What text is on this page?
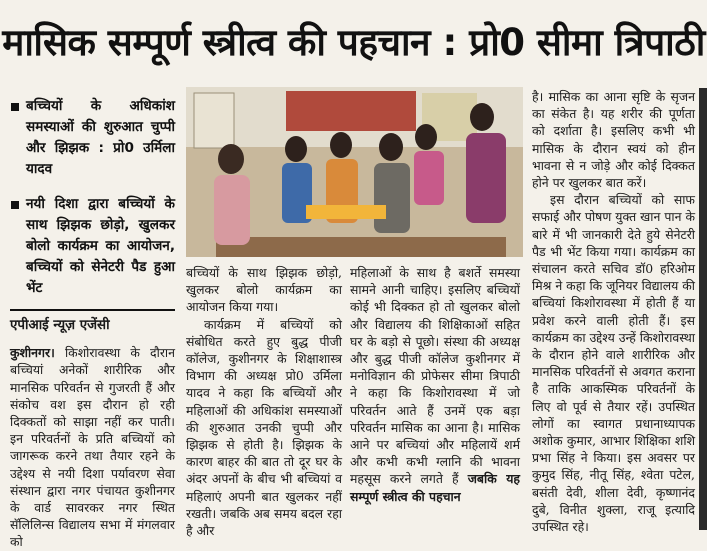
मासिक सम्पूर्ण स्त्रीत्व की पहचान : प्रो0 सीमा त्रिपाठी
बच्चियों के अधिकांश समस्याओं की शुरुआत चुप्पी और झिझक : प्रो0 उर्मिला यादव
नयी दिशा द्वारा बच्चियों के साथ झिझक छोड़ो, खुलकर बोलो कार्यक्रम का आयोजन, बच्चियों को सेनेटरी पैड हुआ भेंट
एपीआई न्यूज़ एजेंसी

कुशीनगर। किशोरावस्था के दौरान बच्चियां अनेकों शारीरिक और मानसिक परिवर्तन से गुजरती हैं और संकोच वश इस दौरान हो रही दिक्कतों को साझा नहीं कर पाती। इन परिवर्तनों के प्रति बच्चियों को जागरूक करने तथा तैयार रहने के उद्देश्य से नयी दिशा पर्यावरण सेवा संस्थान द्वारा नगर पंचायत कुशीनगर के वार्ड सावरकर नगर स्थित सॅलिलिन्स विद्यालय सभा में मंगलवार को

बच्चियों के साथ झिझक छोड़ो, खुलकर बोलो कार्यक्रम का आयोजन किया गया।

कार्यक्रम में बच्चियों को संबोधित करते हुए बुद्ध पीजी कॉलेज, कुशीनगर के शिक्षाशास्त्र विभाग की अध्यक्ष प्रो0 उर्मिला यादव ने कहा कि बच्चियों और महिलाओं की अधिकांश समस्याओं की शुरुआत उनकी चुप्पी और झिझक से होती है। झिझक के कारण बाहर की बात तो दूर घर के अंदर अपनों के बीच भी बच्चियां व महिलाएं अपनी बात खुलकर नहीं रखती। जबकि अब समय बदल रहा है और

महिलाओं के साथ है बशर्ते समस्या सामने आनी चाहिए। इसलिए बच्चियों कोई भी दिक्कत हो तो खुलकर बोलो और विद्यालय की शिक्षिकाओं सहित घर के बड़ो से पूछो। संस्था की अध्यक्ष और बुद्ध पीजी कॉलेज कुशीनगर में मनोविज्ञान की प्रोफेसर सीमा त्रिपाठी ने कहा कि किशोरावस्था में जो परिवर्तन आते हैं उनमें एक बड़ा परिवर्तन मासिक का आना है। मासिक आने पर बच्चियां और महिलायें शर्म और कभी कभी ग्लानि की भावना महसूस करने लगते हैं जबकि यह सम्पूर्ण स्त्रीत्व की पहचान

है। मासिक का आना सृष्टि के सृजन का संकेत है। यह शरीर की पूर्णता को दर्शाता है। इसलिए कभी भी मासिक के दौरान स्वयं को हीन भावना से न जोड़े और कोई दिक्कत होने पर खुलकर बात करें।

इस दौरान बच्चियों को साफ सफाई और पोषण युक्त खान पान के बारे में भी जानकारी देते हुये सेनेटरी पैड भी भेंट किया गया। कार्यक्रम का संचालन करते सचिव डॉ0 हरिओम मिश्र ने कहा कि जूनियर विद्यालय की बच्चियां किशोरावस्था में होती हैं या प्रवेश करने वाली होती हैं। इस कार्यक्रम का उद्देश्य उन्हें किशोरावस्था के दौरान होने वाले शारीरिक और मानसिक परिवर्तनों से अवगत कराना है ताकि आकस्मिक परिवर्तनों के लिए वो पूर्व से तैयार रहें। उपस्थित लोगों का स्वागत प्रधानाध्यापक अशोक कुमार, आभार शिक्षिका शशि प्रभा सिंह ने किया। इस अवसर पर कुमुद सिंह, नीतू सिंह, श्वेता पटेल, बसंती देवी, शीला देवी, कृष्णानंद दुबे, विनीत शुक्ला, राजू इत्यादि उपस्थित रहे।
